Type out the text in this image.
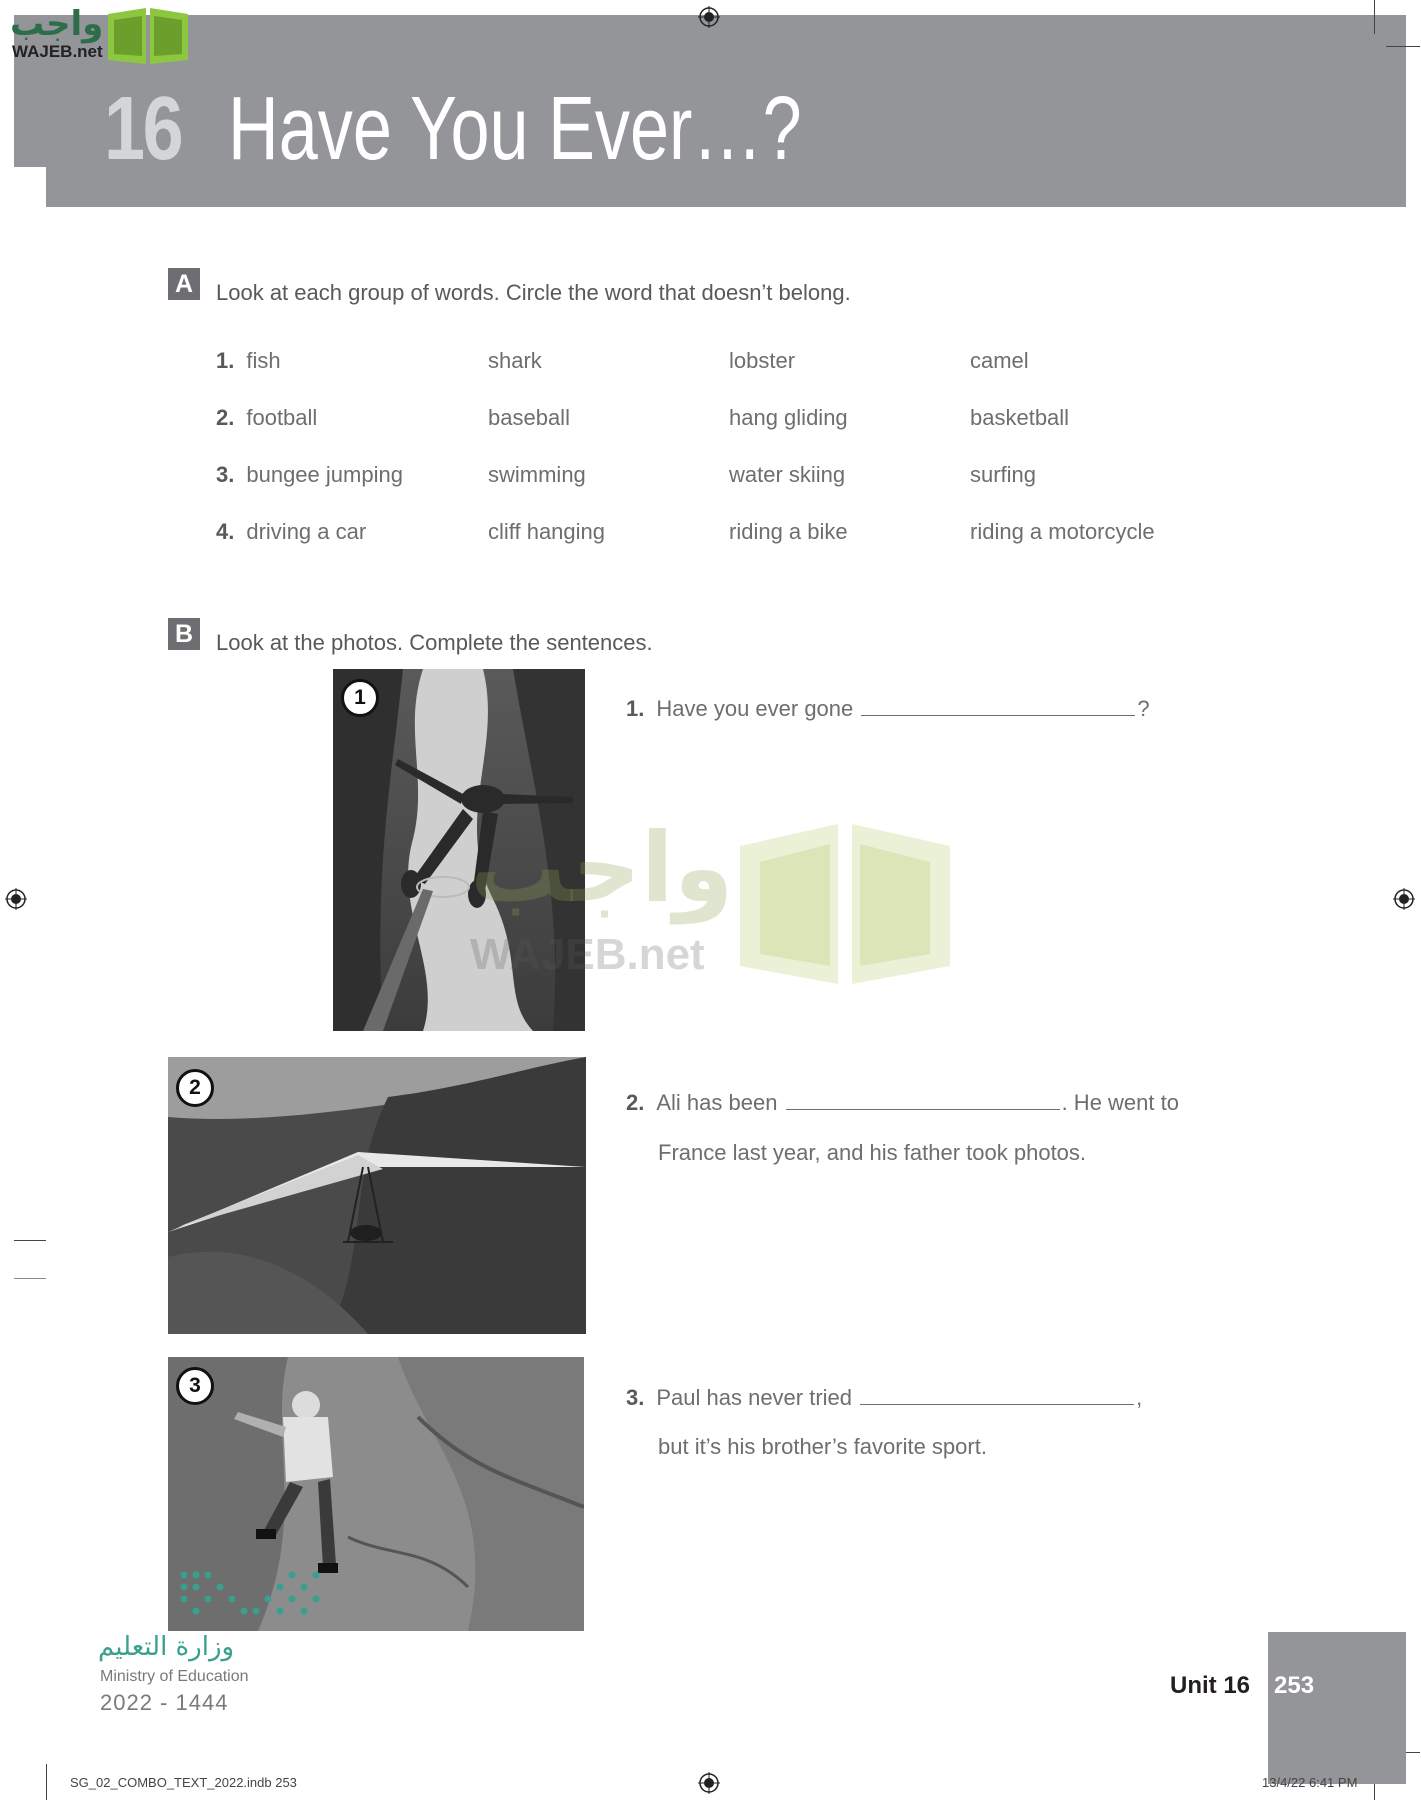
16 Have You Ever…?
واجب
WAJEB.net
A	Look at each group of words. Circle the word that doesn’t belong.
1. fish	shark	lobster	camel
2. football	baseball	hang gliding	basketball
3. bungee jumping	swimming	water skiing	surfing
4. driving a car	cliff hanging	riding a bike	riding a motorcycle
B	Look at the photos. Complete the sentences.
1
2
3
1. Have you ever gone	?
2. Ali has been	. He went to
France last year, and his father took photos.
3. Paul has never tried	,
but it’s his brother’s favorite sport.
واجب
WAJEB.net
وزارة التعليم
Ministry of Education
2022 - 1444
Unit 16 253
SG_02_COMBO_TEXT_2022.indb 253	13/4/22 6:41 PM
